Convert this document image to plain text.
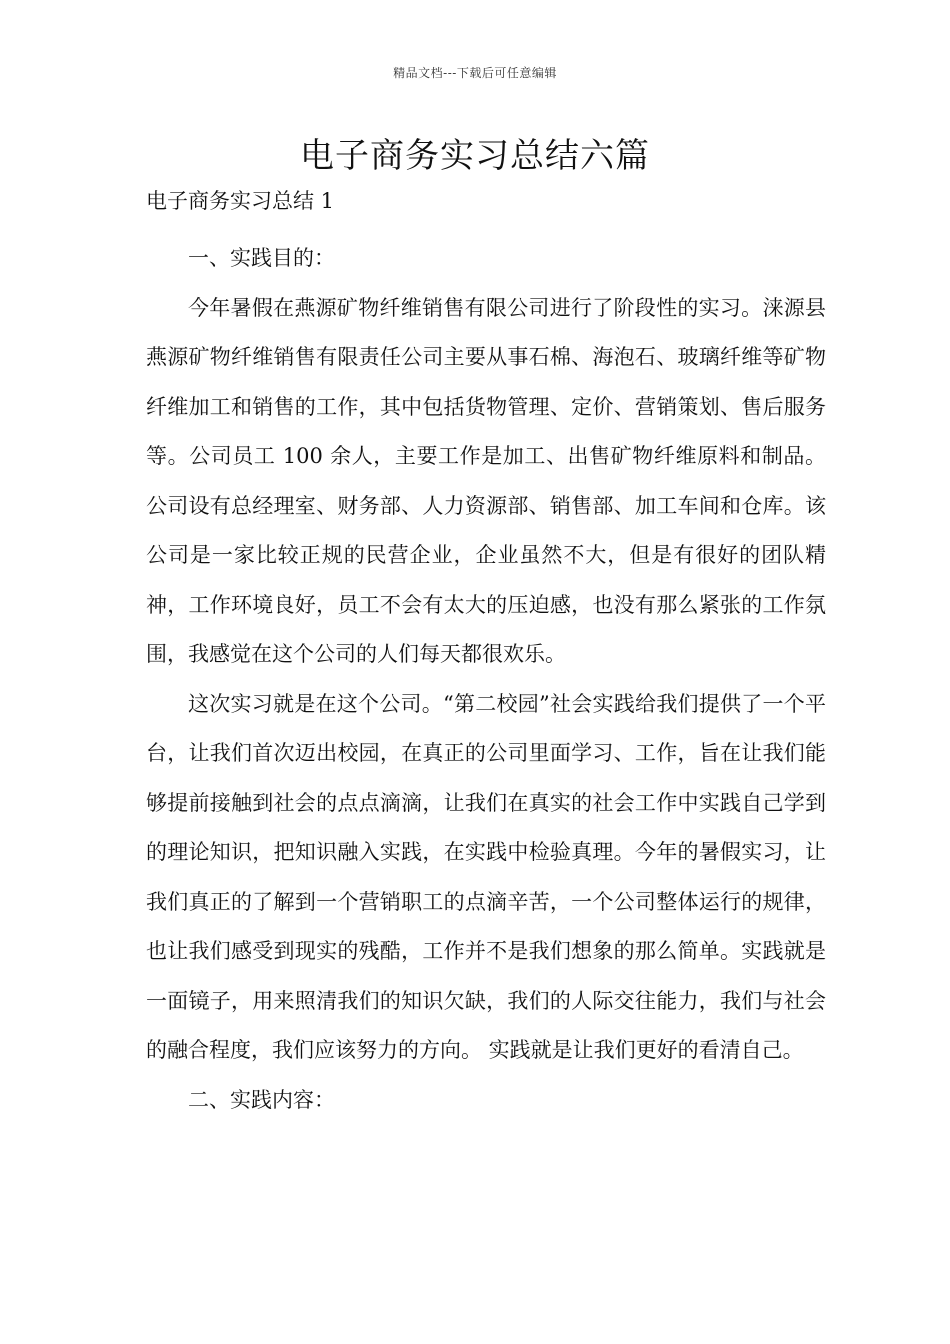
精品文档---下载后可任意编辑
电子商务实习总结六篇
电子商务实习总结 1

一、实践目的：

今年暑假在燕源矿物纤维销售有限公司进行了阶段性的实习。涞源县燕源矿物纤维销售有限责任公司主要从事石棉、海泡石、玻璃纤维等矿物纤维加工和销售的工作，其中包括货物管理、定价、营销策划、售后服务等。公司员工 100 余人，主要工作是加工、出售矿物纤维原料和制品。公司设有总经理室、财务部、人力资源部、销售部、加工车间和仓库。该公司是一家比较正规的民营企业，企业虽然不大，但是有很好的团队精神，工作环境良好，员工不会有太大的压迫感，也没有那么紧张的工作氛围，我感觉在这个公司的人们每天都很欢乐。

这次实习就是在这个公司。“第二校园”社会实践给我们提供了一个平台，让我们首次迈出校园，在真正的公司里面学习、工作，旨在让我们能够提前接触到社会的点点滴滴，让我们在真实的社会工作中实践自己学到的理论知识，把知识融入实践，在实践中检验真理。今年的暑假实习，让我们真正的了解到一个营销职工的点滴辛苦，一个公司整体运行的规律，也让我们感受到现实的残酷，工作并不是我们想象的那么简单。实践就是一面镜子，用来照清我们的知识欠缺，我们的人际交往能力，我们与社会的融合程度，我们应该努力的方向。 实践就是让我们更好的看清自己。

二、实践内容：
